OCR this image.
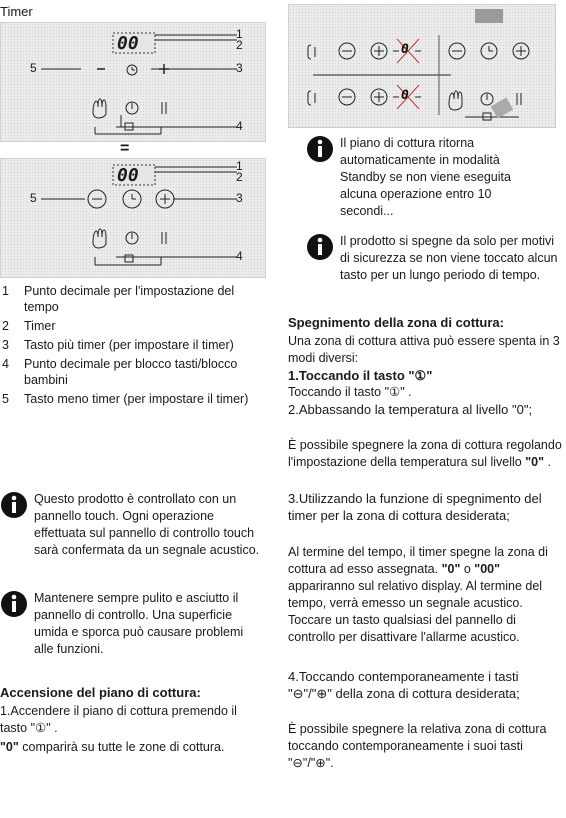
Timer
00	1
2
3
4
5
=
00	1
2
3
4
5
1	Punto decimale per l'impostazione del tempo
2	Timer
3	Tasto più timer (per impostare il timer)
4	Punto decimale per blocco tasti/blocco bambini
5	Tasto meno timer (per impostare il timer)
Questo prodotto è controllato con un pannello touch. Ogni operazione effettuata sul pannello di controllo touch sarà confermata da un segnale acustico.
Mantenere sempre pulito e asciutto il pannello di controllo. Una superficie umida e sporca può causare problemi alle funzioni.
Accensione del piano di cottura:
1.Accendere il piano di cottura premendo il tasto "①" .
"0" comparirà su tutte le zone di cottura.
0
0
Il piano di cottura ritorna automaticamente in modalità Standby se non viene eseguita alcuna operazione entro 10 secondi...
Il prodotto si spegne da solo per motivi di sicurezza se non viene toccato alcun tasto per un lungo periodo di tempo.
Spegnimento della zona di cottura:
Una zona di cottura attiva può essere spenta in 3 modi diversi:
1.Toccando il tasto "①"
Toccando il tasto "①" .
2.Abbassando la temperatura al livello "0";
È possibile spegnere la zona di cottura regolando l'impostazione della temperatura sul livello "0" .
3.Utilizzando la funzione di spegnimento del timer per la zona di cottura desiderata;
Al termine del tempo, il timer spegne la zona di cottura ad esso assegnata. "0" o "00" appariranno sul relativo display. Al termine del tempo, verrà emesso un segnale acustico. Toccare un tasto qualsiasi del pannello di controllo per disattivare l'allarme acustico.
4.Toccando contemporaneamente i tasti "⊖"/"⊕" della zona di cottura desiderata;
È possibile spegnere la relativa zona di cottura toccando contemporaneamente i suoi tasti "⊖"/"⊕".
